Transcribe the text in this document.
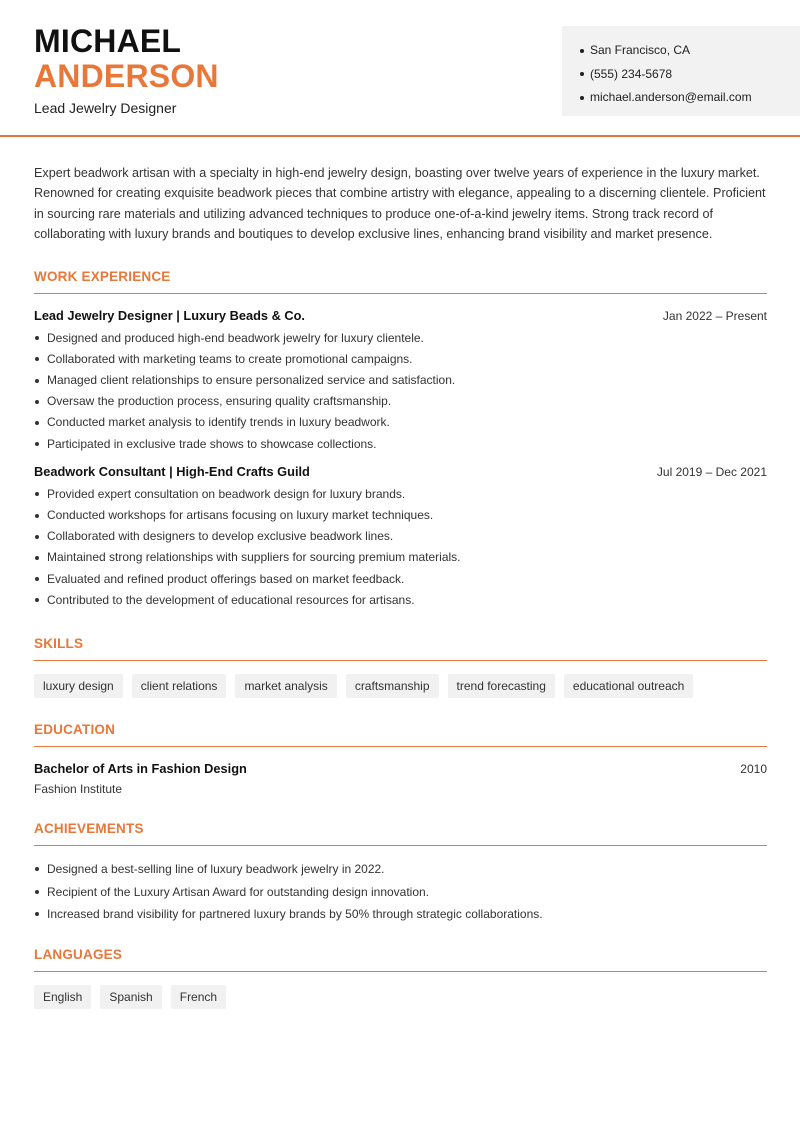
MICHAEL
ANDERSON
Lead Jewelry Designer
San Francisco, CA
(555) 234-5678
michael.anderson@email.com

Expert beadwork artisan with a specialty in high-end jewelry design, boasting over twelve years of experience in the luxury market. Renowned for creating exquisite beadwork pieces that combine artistry with elegance, appealing to a discerning clientele. Proficient in sourcing rare materials and utilizing advanced techniques to produce one-of-a-kind jewelry items. Strong track record of collaborating with luxury brands and boutiques to develop exclusive lines, enhancing brand visibility and market presence.

WORK EXPERIENCE
Lead Jewelry Designer | Luxury Beads & Co.	Jan 2022 – Present
Designed and produced high-end beadwork jewelry for luxury clientele.
Collaborated with marketing teams to create promotional campaigns.
Managed client relationships to ensure personalized service and satisfaction.
Oversaw the production process, ensuring quality craftsmanship.
Conducted market analysis to identify trends in luxury beadwork.
Participated in exclusive trade shows to showcase collections.
Beadwork Consultant | High-End Crafts Guild	Jul 2019 – Dec 2021
Provided expert consultation on beadwork design for luxury brands.
Conducted workshops for artisans focusing on luxury market techniques.
Collaborated with designers to develop exclusive beadwork lines.
Maintained strong relationships with suppliers for sourcing premium materials.
Evaluated and refined product offerings based on market feedback.
Contributed to the development of educational resources for artisans.
SKILLS
luxury design	client relations	market analysis	craftsmanship	trend forecasting	educational outreach
EDUCATION
Bachelor of Arts in Fashion Design	2010
Fashion Institute
ACHIEVEMENTS
Designed a best-selling line of luxury beadwork jewelry in 2022.
Recipient of the Luxury Artisan Award for outstanding design innovation.
Increased brand visibility for partnered luxury brands by 50% through strategic collaborations.
LANGUAGES
English	Spanish	French
